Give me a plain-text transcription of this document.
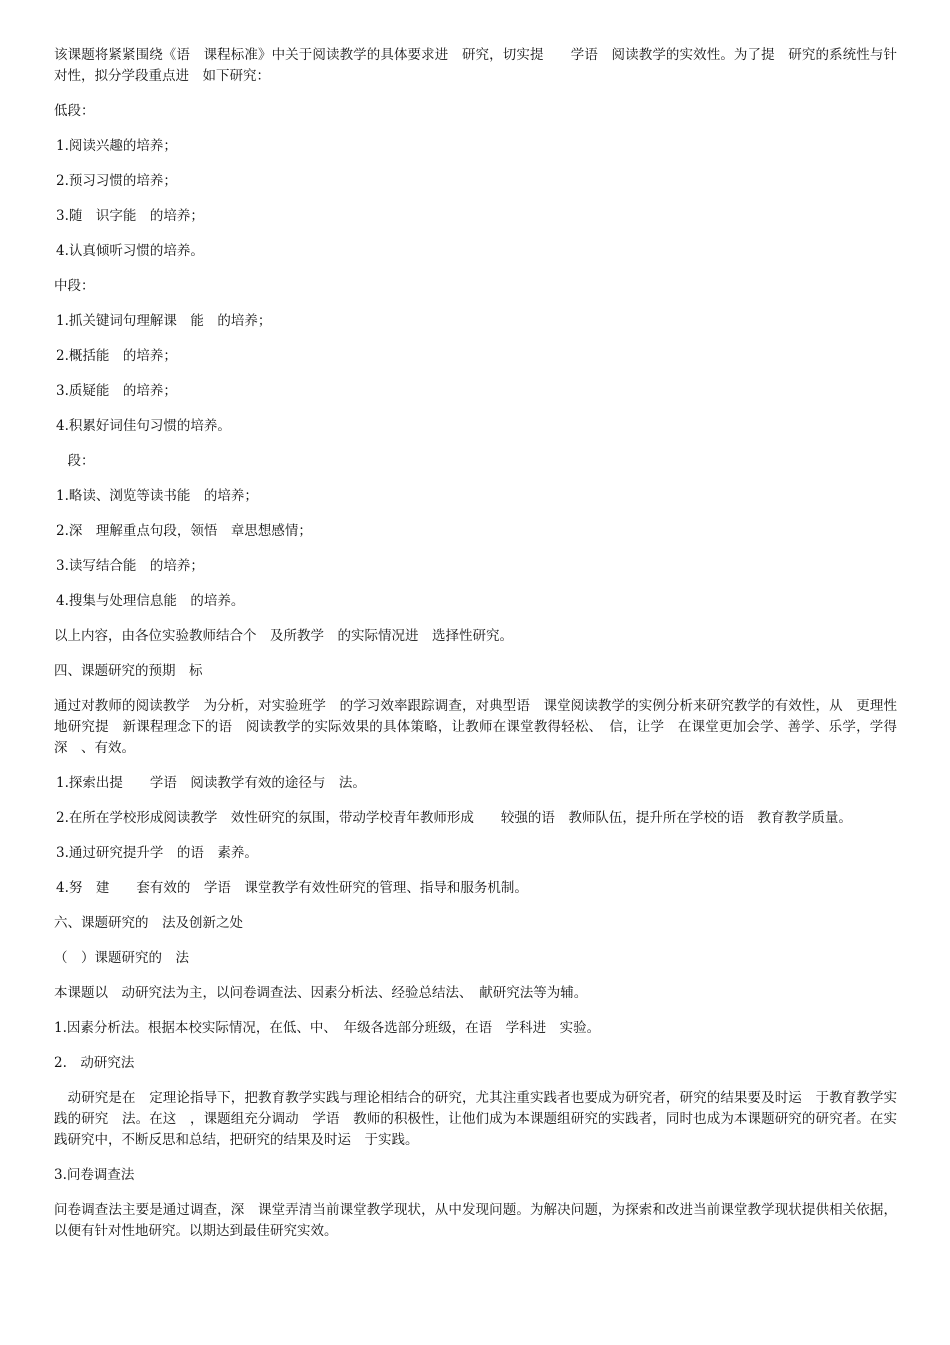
该课题将紧紧围绕《语　课程标准》中关于阅读教学的具体要求进　研究，切实提　　学语　阅读教学的实效性。为了提　研究的系统性与针对性，拟分学段重点进　如下研究：

低段：

1.阅读兴趣的培养；

2.预习习惯的培养；

3.随　识字能　的培养；

4.认真倾听习惯的培养。

中段：

1.抓关键词句理解课　能　的培养；

2.概括能　的培养；

3.质疑能　的培养；

4.积累好词佳句习惯的培养。

　段：

1.略读、浏览等读书能　的培养；

2.深　理解重点句段，领悟　章思想感情；

3.读写结合能　的培养；

4.搜集与处理信息能　的培养。

以上内容，由各位实验教师结合个　及所教学　的实际情况进　选择性研究。

四、课题研究的预期　标

通过对教师的阅读教学　为分析，对实验班学　的学习效率跟踪调查，对典型语　课堂阅读教学的实例分析来研究教学的有效性，从　更理性地研究提　新课程理念下的语　阅读教学的实际效果的具体策略，让教师在课堂教得轻松、　信，让学　在课堂更加会学、善学、乐学，学得深　、有效。

1.探索出提　　学语　阅读教学有效的途径与　法。

2.在所在学校形成阅读教学　效性研究的氛围，带动学校青年教师形成　　较强的语　教师队伍，提升所在学校的语　教育教学质量。

3.通过研究提升学　的语　素养。

4.努　建　　套有效的　学语　课堂教学有效性研究的管理、指导和服务机制。

六、课题研究的　法及创新之处

（　）课题研究的　法

本课题以　动研究法为主，以问卷调查法、因素分析法、经验总结法、　献研究法等为辅。

1.因素分析法。根据本校实际情况，在低、中、　年级各选部分班级，在语　学科进　实验。

2.　动研究法

　动研究是在　定理论指导下，把教育教学实践与理论相结合的研究，尤其注重实践者也要成为研究者，研究的结果要及时运　于教育教学实践的研究　法。在这　，课题组充分调动　学语　教师的积极性，让他们成为本课题组研究的实践者，同时也成为本课题研究的研究者。在实践研究中，不断反思和总结，把研究的结果及时运　于实践。

3.问卷调查法

问卷调查法主要是通过调查，深　课堂弄清当前课堂教学现状，从中发现问题。为解决问题，为探索和改进当前课堂教学现状提供相关依据，以便有针对性地研究。以期达到最佳研究实效。
